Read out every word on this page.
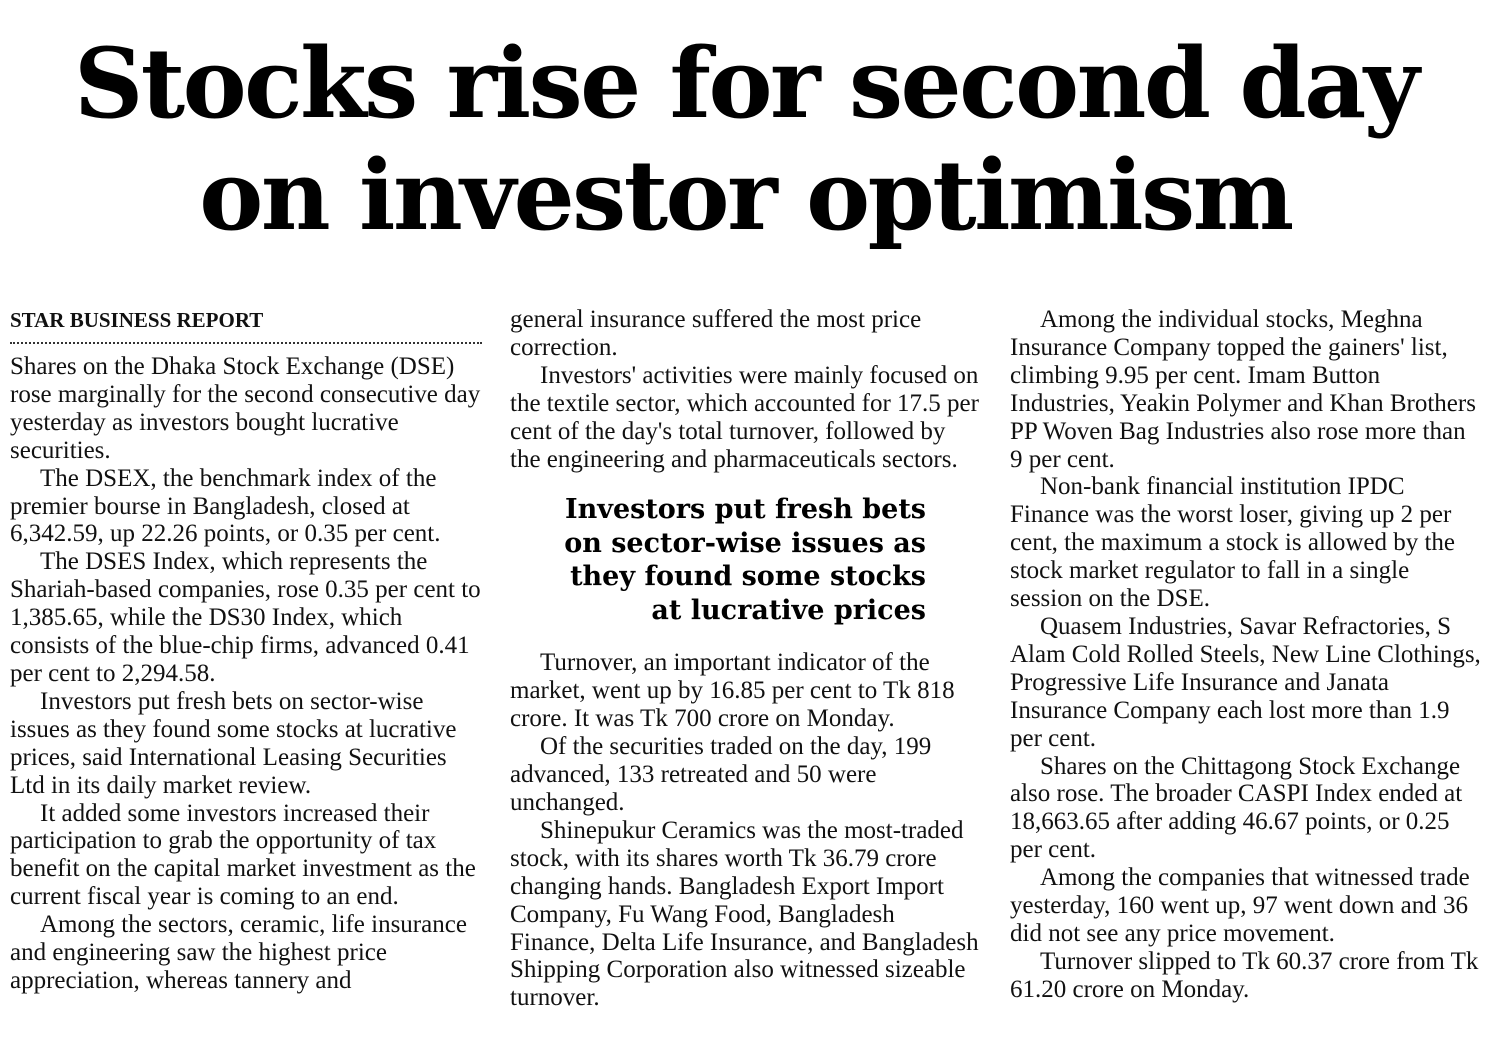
Stocks rise for second day
on investor optimism
STAR BUSINESS REPORT

Shares on the Dhaka Stock Exchange (DSE) rose marginally for the second consecutive day yesterday as investors bought lucrative securities.

The DSEX, the benchmark index of the premier bourse in Bangladesh, closed at 6,342.59, up 22.26 points, or 0.35 per cent.

The DSES Index, which represents the Shariah-based companies, rose 0.35 per cent to 1,385.65, while the DS30 Index, which consists of the blue-chip firms, advanced 0.41 per cent to 2,294.58.

Investors put fresh bets on sector-wise issues as they found some stocks at lucrative prices, said International Leasing Securities Ltd in its daily market review.

It added some investors increased their participation to grab the opportunity of tax benefit on the capital market investment as the current fiscal year is coming to an end.

Among the sectors, ceramic, life insurance and engineering saw the highest price appreciation, whereas tannery and

general insurance suffered the most price correction.

Investors' activities were mainly focused on the textile sector, which accounted for 17.5 per cent of the day's total turnover, followed by the engineering and pharmaceuticals sectors.

Investors put fresh bets
on sector-wise issues as
they found some stocks
at lucrative prices

Turnover, an important indicator of the market, went up by 16.85 per cent to Tk 818 crore. It was Tk 700 crore on Monday.

Of the securities traded on the day, 199 advanced, 133 retreated and 50 were unchanged.

Shinepukur Ceramics was the most-traded stock, with its shares worth Tk 36.79 crore changing hands. Bangladesh Export Import Company, Fu Wang Food, Bangladesh Finance, Delta Life Insurance, and Bangladesh Shipping Corporation also witnessed sizeable turnover.

Among the individual stocks, Meghna Insurance Company topped the gainers' list, climbing 9.95 per cent. Imam Button Industries, Yeakin Polymer and Khan Brothers PP Woven Bag Industries also rose more than 9 per cent.

Non-bank financial institution IPDC Finance was the worst loser, giving up 2 per cent, the maximum a stock is allowed by the stock market regulator to fall in a single session on the DSE.

Quasem Industries, Savar Refractories, S Alam Cold Rolled Steels, New Line Clothings, Progressive Life Insurance and Janata Insurance Company each lost more than 1.9 per cent.

Shares on the Chittagong Stock Exchange also rose. The broader CASPI Index ended at 18,663.65 after adding 46.67 points, or 0.25 per cent.

Among the companies that witnessed trade yesterday, 160 went up, 97 went down and 36 did not see any price movement.

Turnover slipped to Tk 60.37 crore from Tk 61.20 crore on Monday.
